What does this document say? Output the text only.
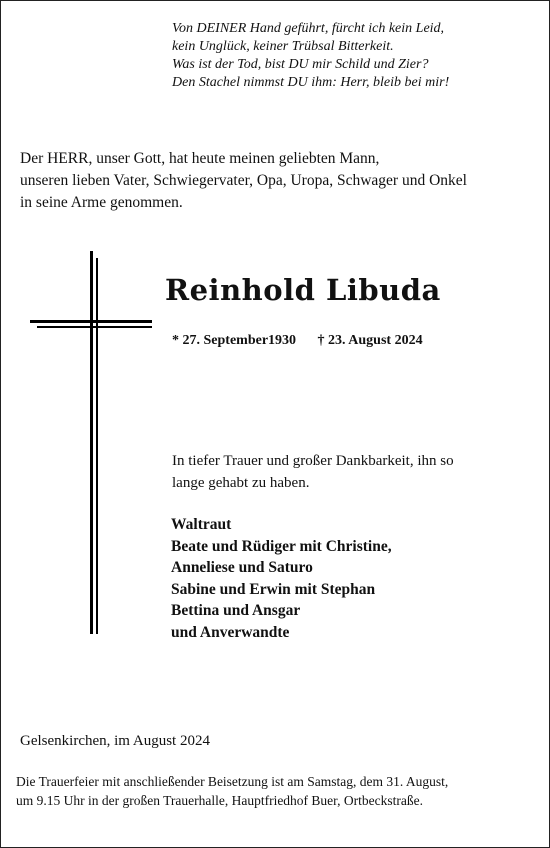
Von DEINER Hand geführt, fürcht ich kein Leid,
kein Unglück, keiner Trübsal Bitterkeit.
Was ist der Tod, bist DU mir Schild und Zier?
Den Stachel nimmst DU ihm: Herr, bleib bei mir!
Der HERR, unser Gott, hat heute meinen geliebten Mann,
unseren lieben Vater, Schwiegervater, Opa, Uropa, Schwager und Onkel
in seine Arme genommen.
Reinhold Libuda
* 27. September1930 † 23. August 2024
In tiefer Trauer und großer Dankbarkeit, ihn so
lange gehabt zu haben.
Waltraut
Beate und Rüdiger mit Christine,
Anneliese und Saturo
Sabine und Erwin mit Stephan
Bettina und Ansgar
und Anverwandte
Gelsenkirchen, im August 2024
Die Trauerfeier mit anschließender Beisetzung ist am Samstag, dem 31. August,
um 9.15 Uhr in der großen Trauerhalle, Hauptfriedhof Buer, Ortbeckstraße.
